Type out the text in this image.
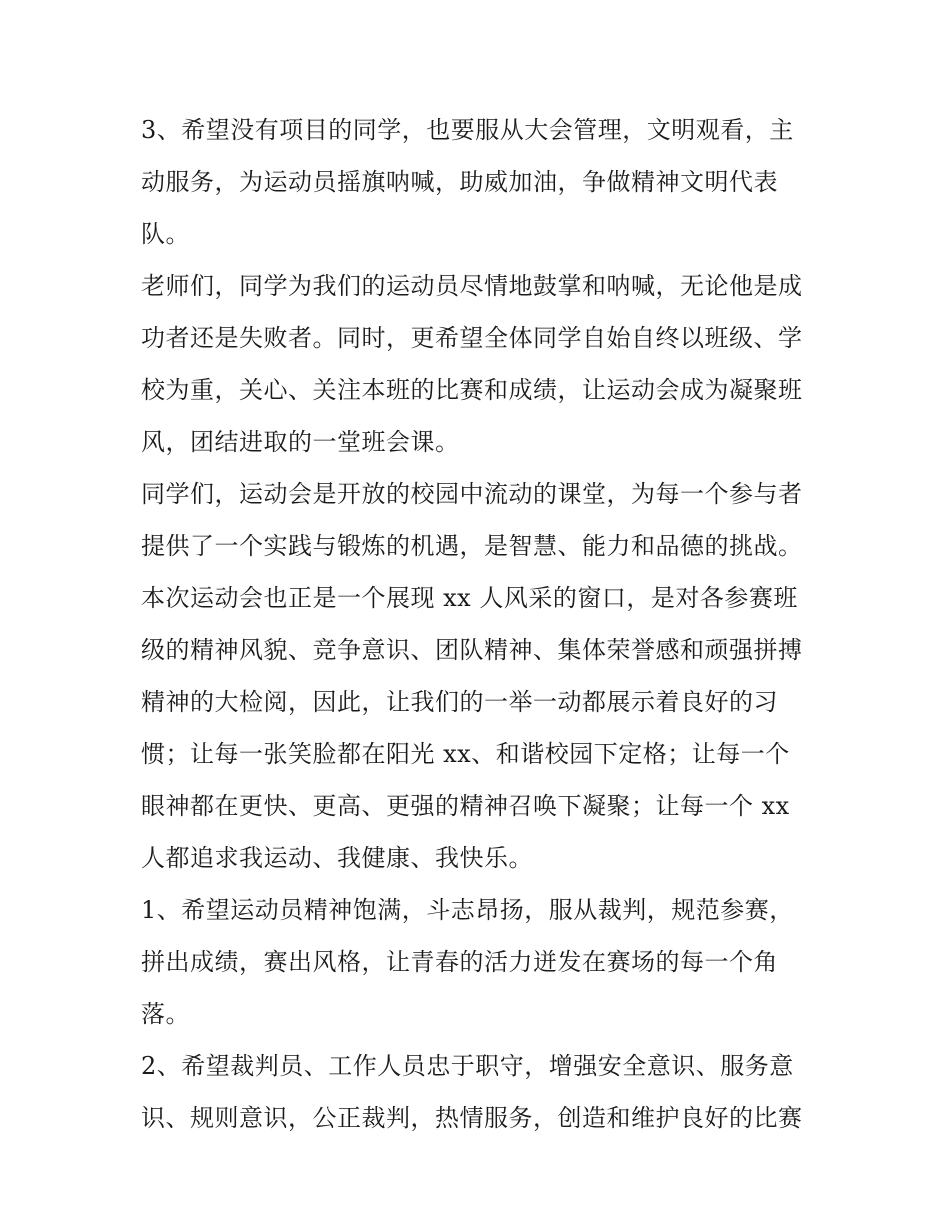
3、希望没有项目的同学，也要服从大会管理，文明观看，主
动服务，为运动员摇旗呐喊，助威加油，争做精神文明代表
队。

老师们，同学为我们的运动员尽情地鼓掌和呐喊，无论他是成
功者还是失败者。同时，更希望全体同学自始自终以班级、学
校为重，关心、关注本班的比赛和成绩，让运动会成为凝聚班
风，团结进取的一堂班会课。

同学们，运动会是开放的校园中流动的课堂，为每一个参与者
提供了一个实践与锻炼的机遇，是智慧、能力和品德的挑战。
本次运动会也正是一个展现 xx 人风采的窗口，是对各参赛班
级的精神风貌、竞争意识、团队精神、集体荣誉感和顽强拼搏
精神的大检阅，因此，让我们的一举一动都展示着良好的习
惯；让每一张笑脸都在阳光 xx、和谐校园下定格；让每一个
眼神都在更快、更高、更强的精神召唤下凝聚；让每一个 xx
人都追求我运动、我健康、我快乐。

1、希望运动员精神饱满，斗志昂扬，服从裁判，规范参赛，
拼出成绩，赛出风格，让青春的活力迸发在赛场的每一个角
落。

2、希望裁判员、工作人员忠于职守，增强安全意识、服务意
识、规则意识，公正裁判，热情服务，创造和维护良好的比赛
